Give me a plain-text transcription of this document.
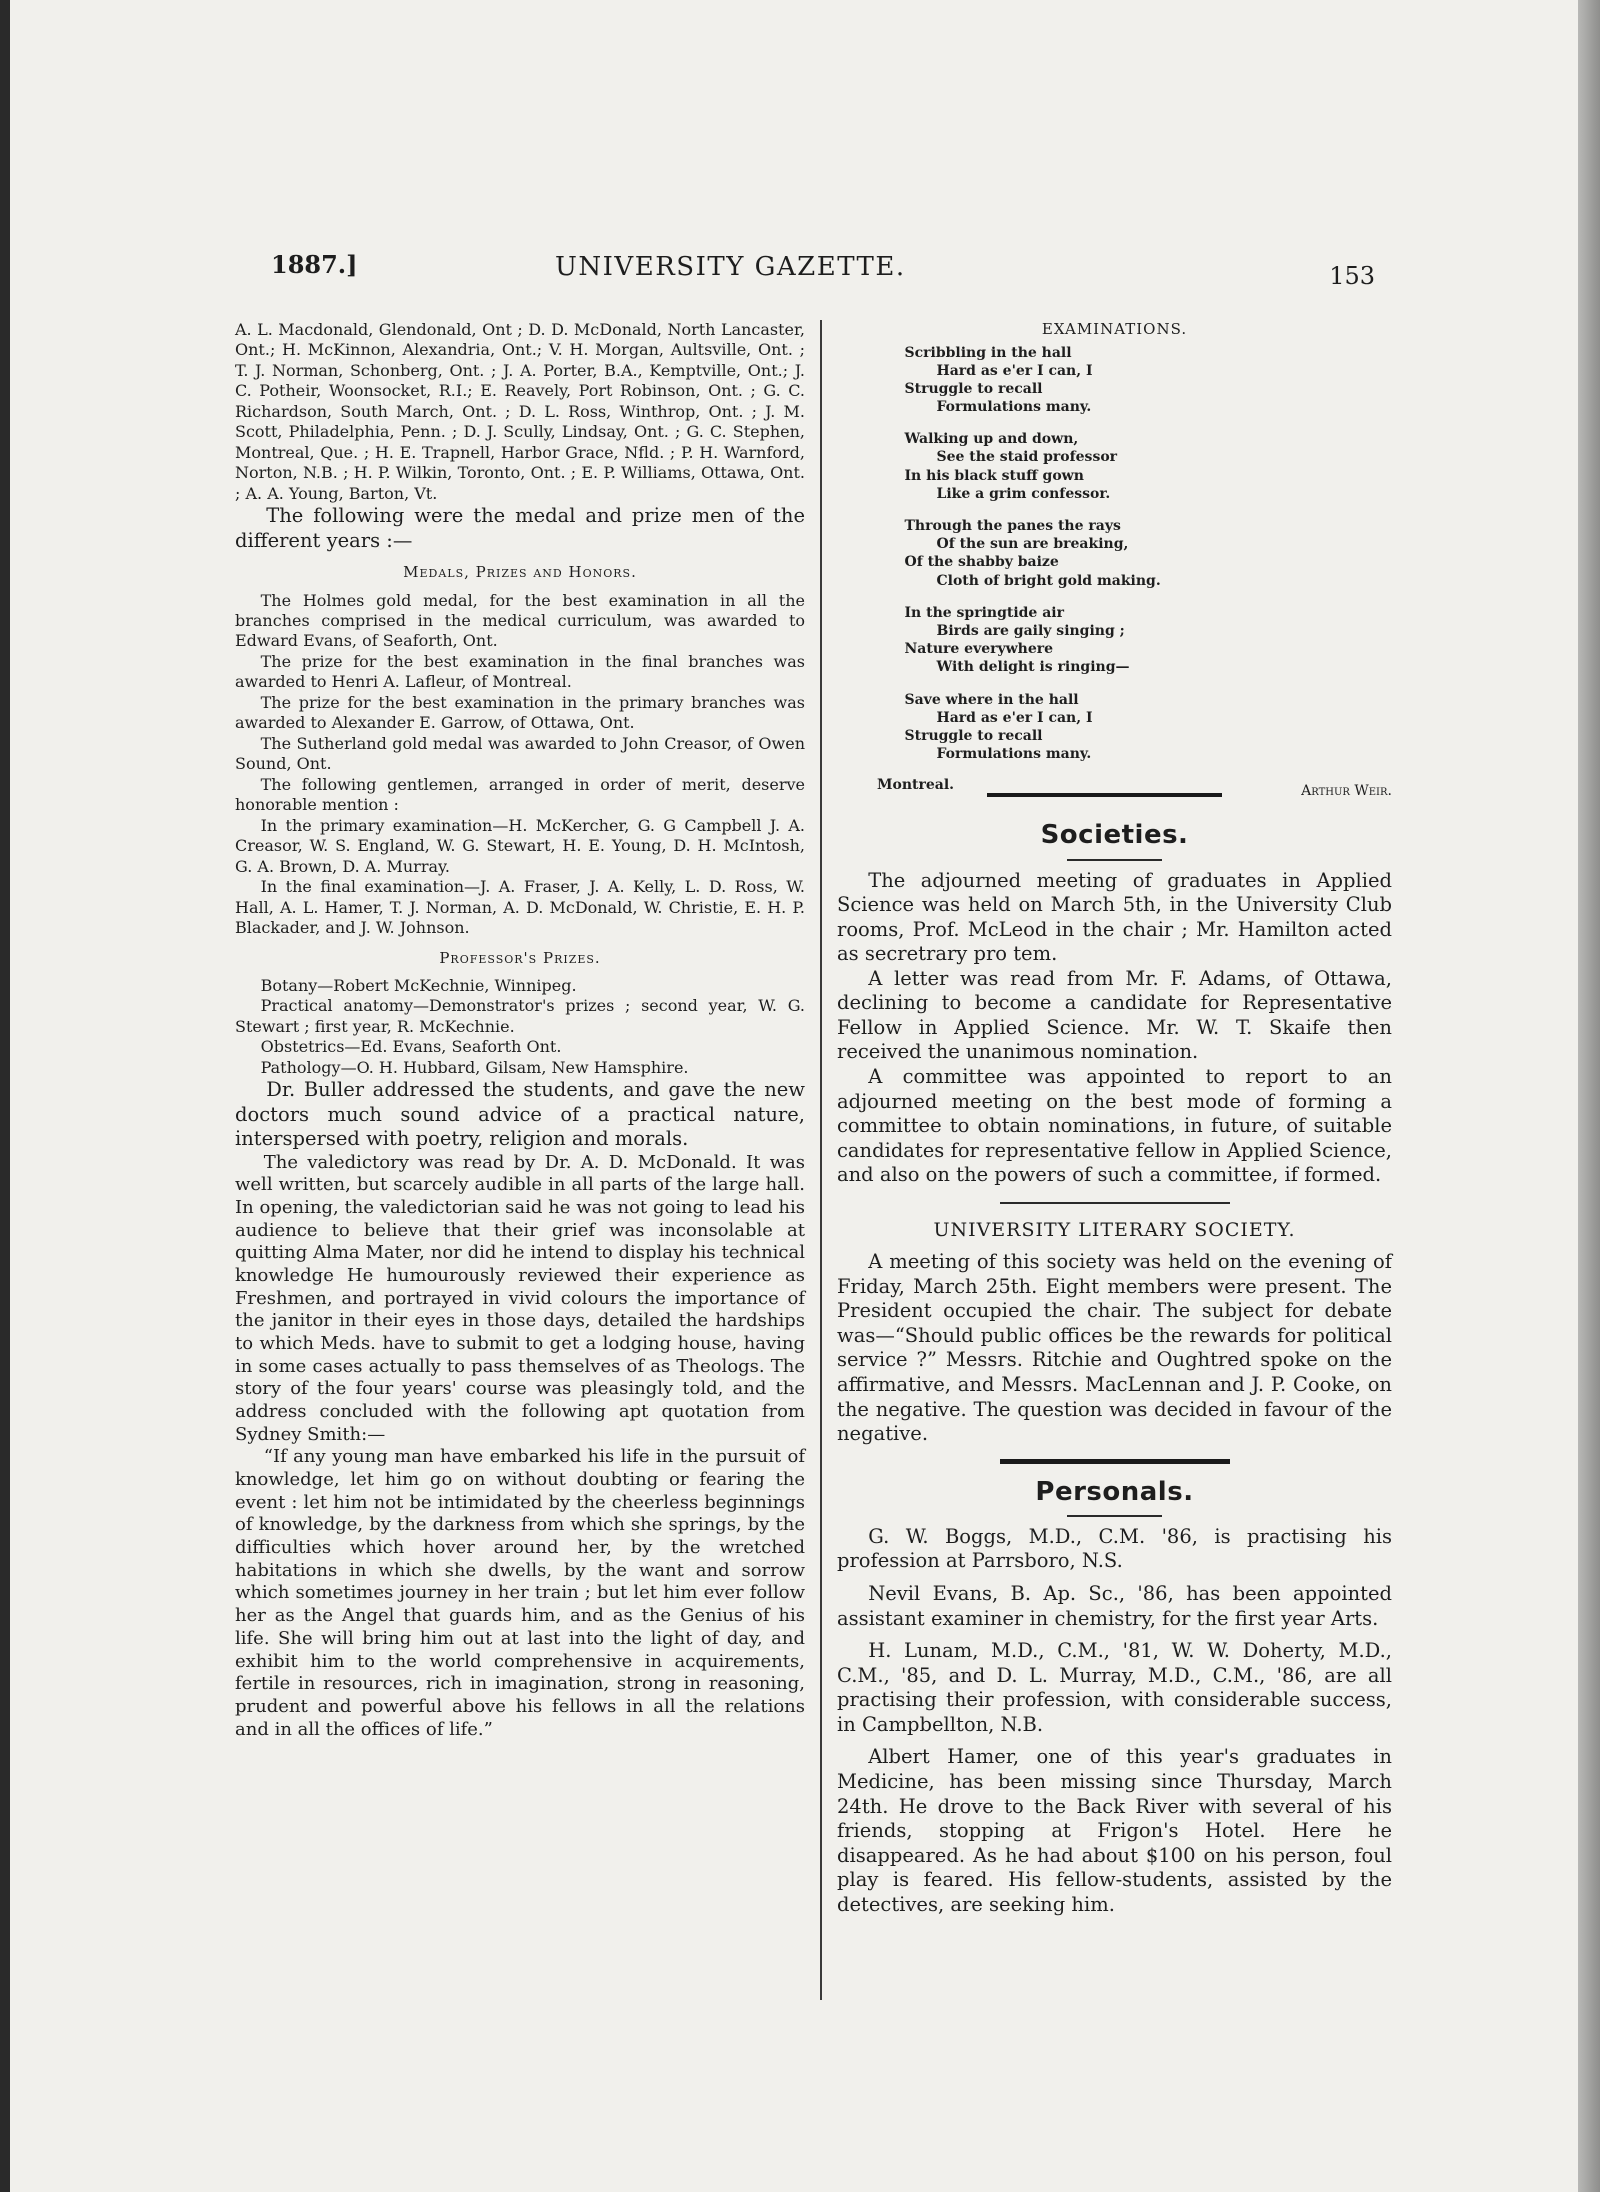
1887.]	UNIVERSITY GAZETTE.	153

A. L. Macdonald, Glendonald, Ont ; D. D. McDonald, North Lancaster, Ont.; H. McKinnon, Alexandria, Ont.; V. H. Morgan, Aultsville, Ont. ; T. J. Norman, Schonberg, Ont. ; J. A. Porter, B.A., Kemptville, Ont.; J. C. Potheir, Woonsocket, R.I.; E. Reavely, Port Robinson, Ont. ; G. C. Richardson, South March, Ont. ; D. L. Ross, Winthrop, Ont. ; J. M. Scott, Philadelphia, Penn. ; D. J. Scully, Lindsay, Ont. ; G. C. Stephen, Montreal, Que. ; H. E. Trapnell, Harbor Grace, Nfld. ; P. H. Warnford, Norton, N.B. ; H. P. Wilkin, Toronto, Ont. ; E. P. Williams, Ottawa, Ont. ; A. A. Young, Barton, Vt.

The following were the medal and prize men of the different years :—

Medals, Prizes and Honors.

The Holmes gold medal, for the best examination in all the branches comprised in the medical curriculum, was awarded to Edward Evans, of Seaforth, Ont.

The prize for the best examination in the final branches was awarded to Henri A. Lafleur, of Montreal.

The prize for the best examination in the primary branches was awarded to Alexander E. Garrow, of Ottawa, Ont.

The Sutherland gold medal was awarded to John Creasor, of Owen Sound, Ont.

The following gentlemen, arranged in order of merit, deserve honorable mention :

In the primary examination—H. McKercher, G. G Campbell J. A. Creasor, W. S. England, W. G. Stewart, H. E. Young, D. H. McIntosh, G. A. Brown, D. A. Murray.

In the final examination—J. A. Fraser, J. A. Kelly, L. D. Ross, W. Hall, A. L. Hamer, T. J. Norman, A. D. McDonald, W. Christie, E. H. P. Blackader, and J. W. Johnson.

Professor's Prizes.

Botany—Robert McKechnie, Winnipeg.

Practical anatomy—Demonstrator's prizes ; second year, W. G. Stewart ; first year, R. McKechnie.

Obstetrics—Ed. Evans, Seaforth Ont.

Pathology—O. H. Hubbard, Gilsam, New Hamsphire.

Dr. Buller addressed the students, and gave the new doctors much sound advice of a practical nature, interspersed with poetry, religion and morals.

The valedictory was read by Dr. A. D. McDonald. It was well written, but scarcely audible in all parts of the large hall. In opening, the valedictorian said he was not going to lead his audience to believe that their grief was inconsolable at quitting Alma Mater, nor did he intend to display his technical knowledge He humourously reviewed their experience as Freshmen, and portrayed in vivid colours the importance of the janitor in their eyes in those days, detailed the hardships to which Meds. have to submit to get a lodging house, having in some cases actually to pass themselves of as Theologs. The story of the four years' course was pleasingly told, and the address concluded with the following apt quotation from Sydney Smith:—

“If any young man have embarked his life in the pursuit of knowledge, let him go on without doubting or fearing the event : let him not be intimidated by the cheerless beginnings of knowledge, by the darkness from which she springs, by the difficulties which hover around her, by the wretched habitations in which she dwells, by the want and sorrow which sometimes journey in her train ; but let him ever follow her as the Angel that guards him, and as the Genius of his life. She will bring him out at last into the light of day, and exhibit him to the world comprehensive in acquirements, fertile in resources, rich in imagination, strong in reasoning, prudent and powerful above his fellows in all the relations and in all the offices of life.”

EXAMINATIONS.
Scribbling in the hall
Hard as e'er I can, I
Struggle to recall
Formulations many.
Walking up and down,
See the staid professor
In his black stuff gown
Like a grim confessor.
Through the panes the rays
Of the sun are breaking,
Of the shabby baize
Cloth of bright gold making.
In the springtide air
Birds are gaily singing ;
Nature everywhere
With delight is ringing—
Save where in the hall
Hard as e'er I can, I
Struggle to recall
Formulations many.
Montreal.	Arthur Weir.
Societies.

The adjourned meeting of graduates in Applied Science was held on March 5th, in the University Club rooms, Prof. McLeod in the chair ; Mr. Hamilton acted as secretrary pro tem.

A letter was read from Mr. F. Adams, of Ottawa, declining to become a candidate for Representative Fellow in Applied Science. Mr. W. T. Skaife then received the unanimous nomination.

A committee was appointed to report to an adjourned meeting on the best mode of forming a committee to obtain nominations, in future, of suitable candidates for representative fellow in Applied Science, and also on the powers of such a committee, if formed.

UNIVERSITY LITERARY SOCIETY.

A meeting of this society was held on the evening of Friday, March 25th. Eight members were present. The President occupied the chair. The subject for debate was—“Should public offices be the rewards for political service ?” Messrs. Ritchie and Oughtred spoke on the affirmative, and Messrs. MacLennan and J. P. Cooke, on the negative. The question was decided in favour of the negative.

Personals.

G. W. Boggs, M.D., C.M. '86, is practising his profession at Parrsboro, N.S.

Nevil Evans, B. Ap. Sc., '86, has been appointed assistant examiner in chemistry, for the first year Arts.

H. Lunam, M.D., C.M., '81, W. W. Doherty, M.D., C.M., '85, and D. L. Murray, M.D., C.M., '86, are all practising their profession, with considerable success, in Campbellton, N.B.

Albert Hamer, one of this year's graduates in Medicine, has been missing since Thursday, March 24th. He drove to the Back River with several of his friends, stopping at Frigon's Hotel. Here he disappeared. As he had about $100 on his person, foul play is feared. His fellow-students, assisted by the detectives, are seeking him.
